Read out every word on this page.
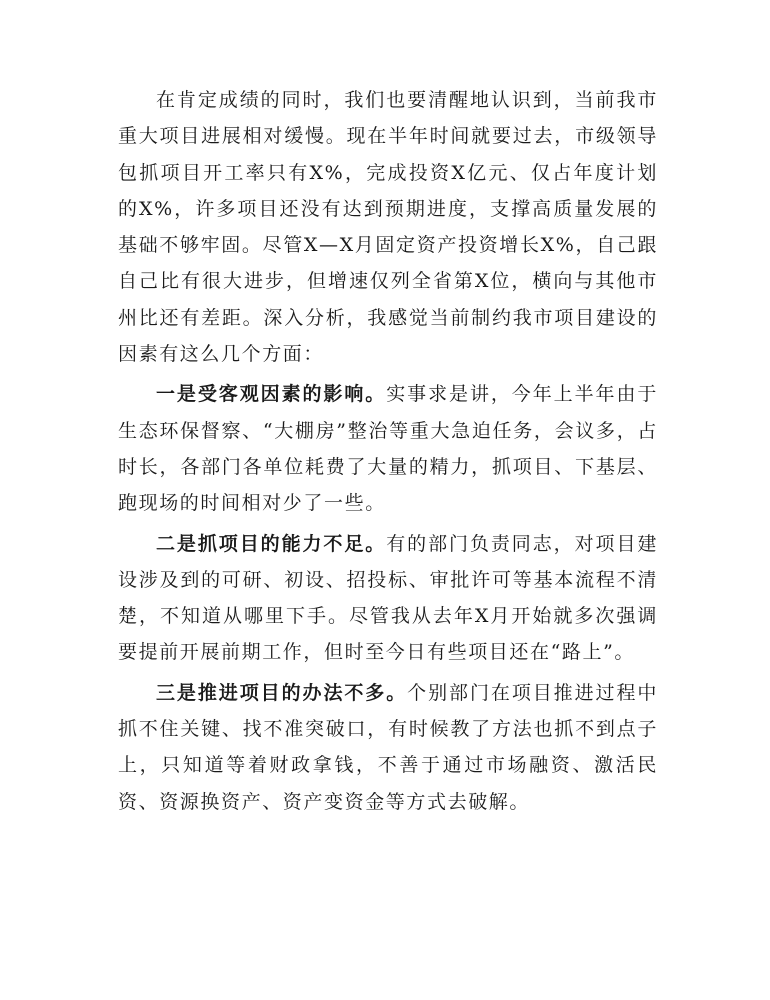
在肯定成绩的同时，我们也要清醒地认识到，当前我市重大项目进展相对缓慢。现在半年时间就要过去，市级领导包抓项目开工率只有X%，完成投资X亿元、仅占年度计划的X%，许多项目还没有达到预期进度，支撑高质量发展的基础不够牢固。尽管X—X月固定资产投资增长X%，自己跟自己比有很大进步，但增速仅列全省第X位，横向与其他市州比还有差距。深入分析，我感觉当前制约我市项目建设的因素有这么几个方面：

一是受客观因素的影响。实事求是讲，今年上半年由于生态环保督察、“大棚房”整治等重大急迫任务，会议多，占时长，各部门各单位耗费了大量的精力，抓项目、下基层、跑现场的时间相对少了一些。

二是抓项目的能力不足。有的部门负责同志，对项目建设涉及到的可研、初设、招投标、审批许可等基本流程不清楚，不知道从哪里下手。尽管我从去年X月开始就多次强调要提前开展前期工作，但时至今日有些项目还在“路上”。

三是推进项目的办法不多。个别部门在项目推进过程中抓不住关键、找不准突破口，有时候教了方法也抓不到点子上，只知道等着财政拿钱，不善于通过市场融资、激活民资、资源换资产、资产变资金等方式去破解。
